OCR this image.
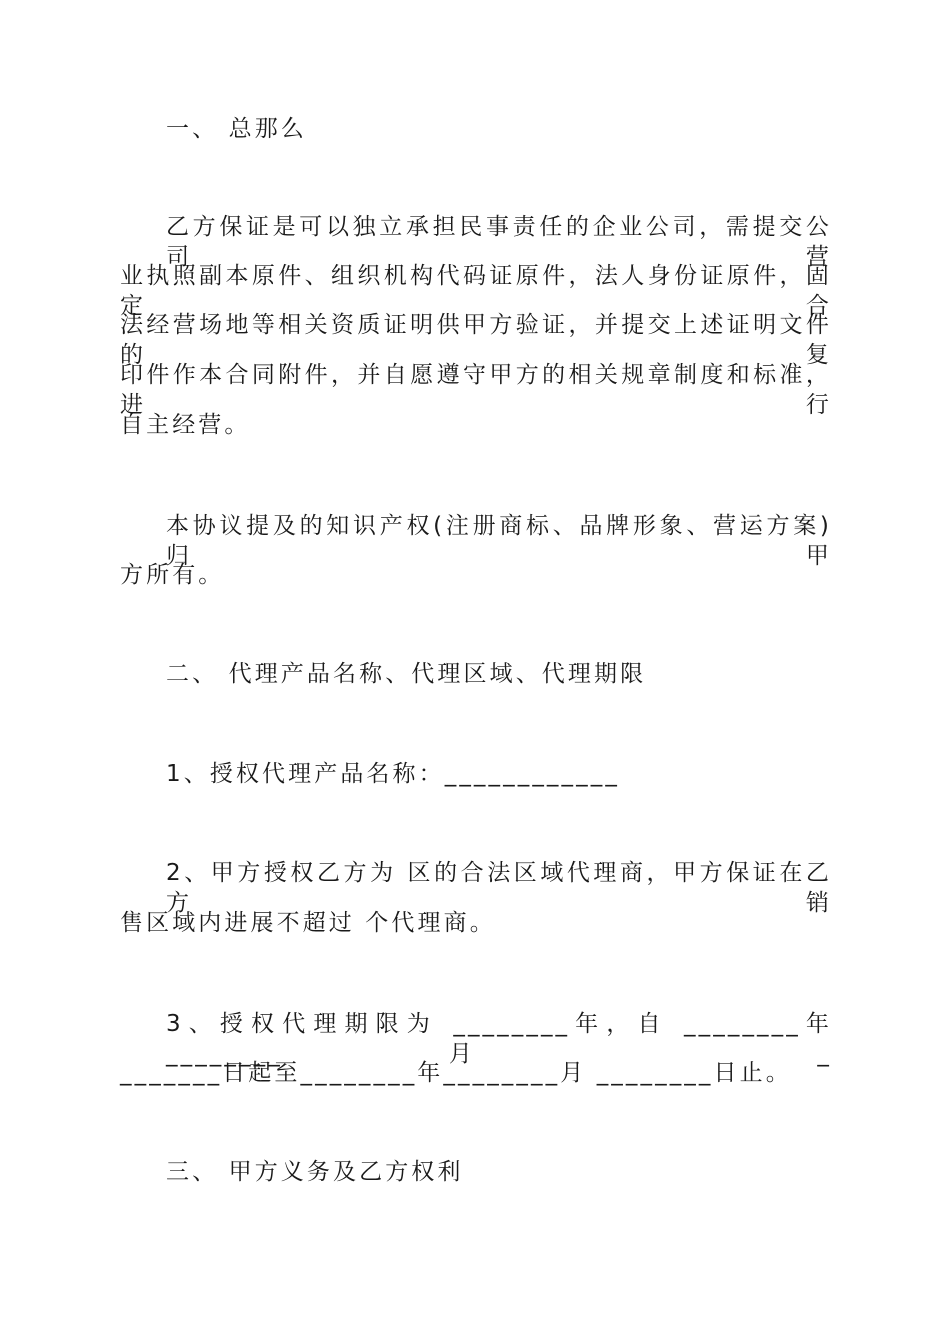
一、 总那么
乙方保证是可以独立承担民事责任的企业公司，需提交公司营
业执照副本原件、组织机构代码证原件，法人身份证原件，固定合
法经营场地等相关资质证明供甲方验证，并提交上述证明文件的复
印件作本合同附件，并自愿遵守甲方的相关规章制度和标准，进行
自主经营。
本协议提及的知识产权(注册商标、品牌形象、营运方案)归甲
方所有。
二、 代理产品名称、代理区域、代理期限
1、授权代理产品名称：____________
2、甲方授权乙方为 区的合法区域代理商，甲方保证在乙方销
售区域内进展不超过 个代理商。
3、授权代理期限为 ________年，自 ________年________月 _
_______日起至________年________月 ________日止。
三、 甲方义务及乙方权利
